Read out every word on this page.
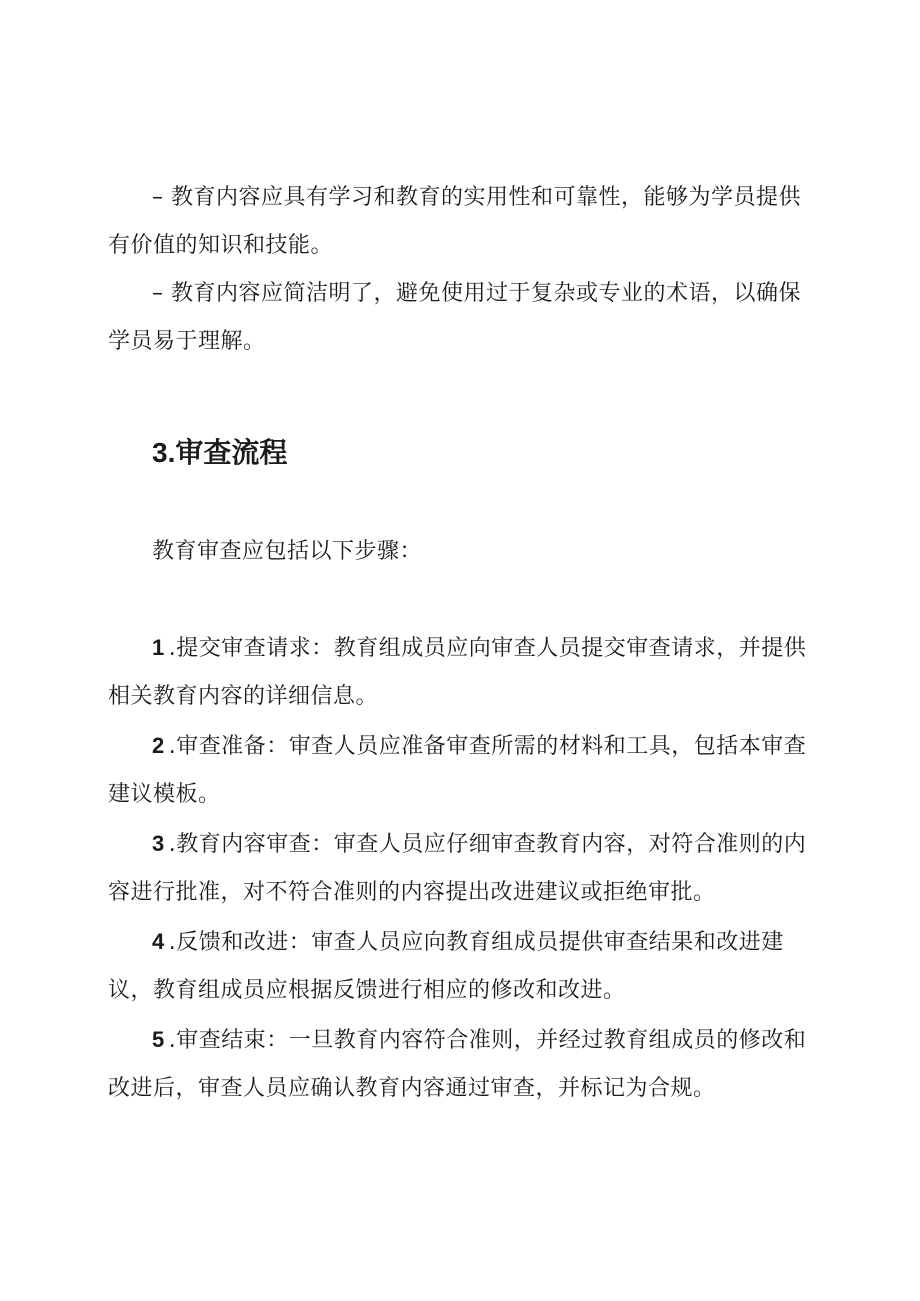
– 教育内容应具有学习和教育的实用性和可靠性，能够为学员提供有价值的知识和技能。

– 教育内容应简洁明了，避免使用过于复杂或专业的术语，以确保学员易于理解。

3.审查流程

教育审查应包括以下步骤：

1 .提交审查请求：教育组成员应向审查人员提交审查请求，并提供相关教育内容的详细信息。

2 .审查准备：审查人员应准备审查所需的材料和工具，包括本审查建议模板。

3 .教育内容审查：审查人员应仔细审查教育内容，对符合准则的内容进行批准，对不符合准则的内容提出改进建议或拒绝审批。

4 .反馈和改进：审查人员应向教育组成员提供审查结果和改进建议，教育组成员应根据反馈进行相应的修改和改进。

5 .审查结束：一旦教育内容符合准则，并经过教育组成员的修改和改进后，审查人员应确认教育内容通过审查，并标记为合规。
